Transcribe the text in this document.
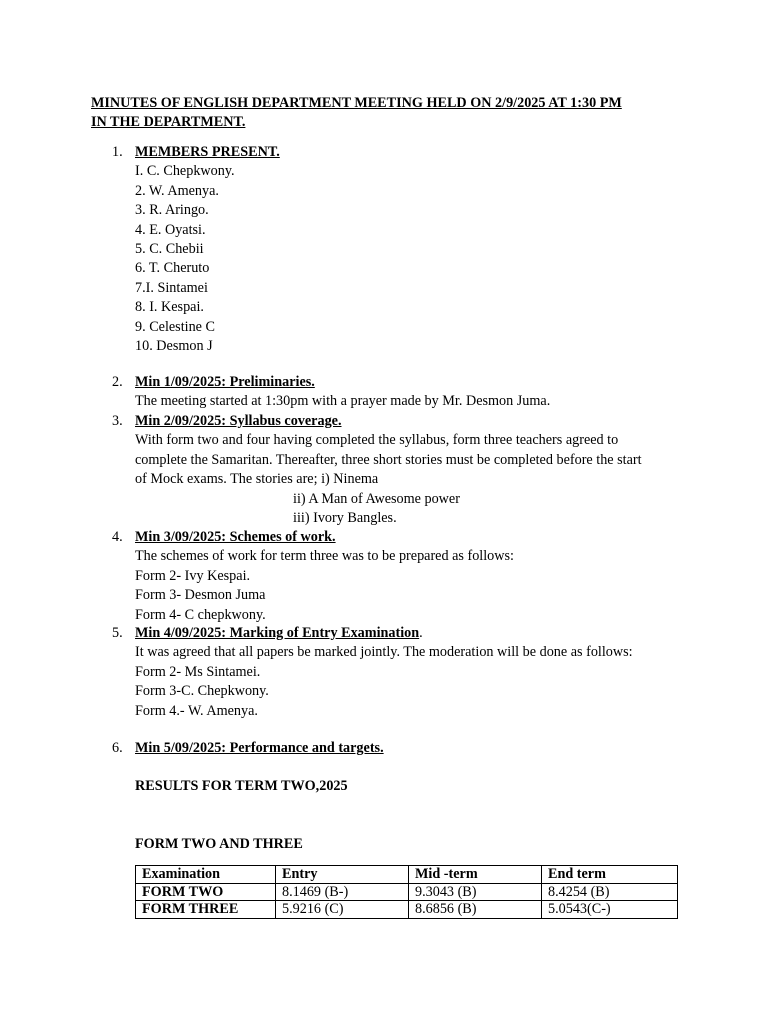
MINUTES OF ENGLISH DEPARTMENT MEETING HELD ON 2/9/2025 AT 1:30 PM
IN THE DEPARTMENT.
1. MEMBERS PRESENT.
I. C. Chepkwony.
2. W. Amenya.
3. R. Aringo.
4. E. Oyatsi.
5. C. Chebii
6. T. Cheruto
7.I. Sintamei
8. I. Kespai.
9. Celestine C
10. Desmon J
2. Min 1/09/2025: Preliminaries.
The meeting started at 1:30pm with a prayer made by Mr. Desmon Juma.
3. Min 2/09/2025: Syllabus coverage.
With form two and four having completed the syllabus, form three teachers agreed to
complete the Samaritan. Thereafter, three short stories must be completed before the start
of Mock exams. The stories are; i) Ninema
ii) A Man of Awesome power
iii) Ivory Bangles.
4. Min 3/09/2025: Schemes of work.
The schemes of work for term three was to be prepared as follows:
Form 2- Ivy Kespai.
Form 3- Desmon Juma
Form 4- C chepkwony.
5. Min 4/09/2025: Marking of Entry Examination.
It was agreed that all papers be marked jointly. The moderation will be done as follows:
Form 2- Ms Sintamei.
Form 3-C. Chepkwony.
Form 4.- W. Amenya.
6. Min 5/09/2025: Performance and targets.
RESULTS FOR TERM TWO,2025
FORM TWO AND THREE
Examination	Entry	Mid -term	End term
FORM TWO	8.1469 (B-)	9.3043 (B)	8.4254 (B)
FORM THREE	5.9216 (C)	8.6856 (B)	5.0543(C-)
